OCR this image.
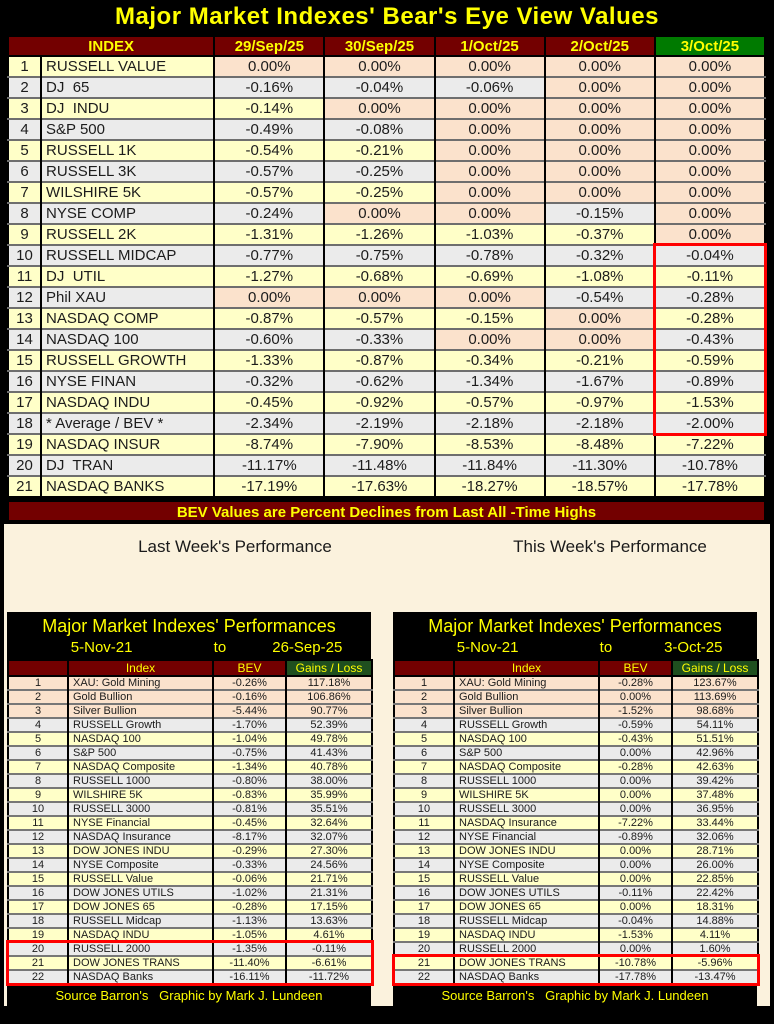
Major Market Indexes' Bear's Eye View Values
INDEX		29/Sep/25	30/Sep/25	1/Oct/25	2/Oct/25	3/Oct/25
1	RUSSELL VALUE	0.00%	0.00%	0.00%	0.00%	0.00%
2	DJ  65	-0.16%	-0.04%	-0.06%	0.00%	0.00%
3	DJ  INDU	-0.14%	0.00%	0.00%	0.00%	0.00%
4	S&P 500	-0.49%	-0.08%	0.00%	0.00%	0.00%
5	RUSSELL 1K	-0.54%	-0.21%	0.00%	0.00%	0.00%
6	RUSSELL 3K	-0.57%	-0.25%	0.00%	0.00%	0.00%
7	WILSHIRE 5K	-0.57%	-0.25%	0.00%	0.00%	0.00%
8	NYSE COMP	-0.24%	0.00%	0.00%	-0.15%	0.00%
9	RUSSELL 2K	-1.31%	-1.26%	-1.03%	-0.37%	0.00%
10	RUSSELL MIDCAP	-0.77%	-0.75%	-0.78%	-0.32%	-0.04%
11	DJ  UTIL	-1.27%	-0.68%	-0.69%	-1.08%	-0.11%
12	Phil XAU	0.00%	0.00%	0.00%	-0.54%	-0.28%
13	NASDAQ COMP	-0.87%	-0.57%	-0.15%	0.00%	-0.28%
14	NASDAQ 100	-0.60%	-0.33%	0.00%	0.00%	-0.43%
15	RUSSELL GROWTH	-1.33%	-0.87%	-0.34%	-0.21%	-0.59%
16	NYSE FINAN	-0.32%	-0.62%	-1.34%	-1.67%	-0.89%
17	NASDAQ INDU	-0.45%	-0.92%	-0.57%	-0.97%	-1.53%
18	* Average / BEV *	-2.34%	-2.19%	-2.18%	-2.18%	-2.00%
19	NASDAQ INSUR	-8.74%	-7.90%	-8.53%	-8.48%	-7.22%
20	DJ  TRAN	-11.17%	-11.48%	-11.84%	-11.30%	-10.78%
21	NASDAQ BANKS	-17.19%	-17.63%	-18.27%	-18.57%	-17.78%
BEV Values are Percent Declines from Last All -Time Highs
Last Week's Performance	This Week's Performance
Major Market Indexes' Performances
5-Nov-21	to	26-Sep-25
	Index	BEV	Gains / Loss
1	XAU: Gold Mining	-0.26%	117.18%
2	Gold Bullion	-0.16%	106.86%
3	Silver Bullion	-5.44%	90.77%
4	RUSSELL Growth	-1.70%	52.39%
5	NASDAQ 100	-1.04%	49.78%
6	S&P 500	-0.75%	41.43%
7	NASDAQ Composite	-1.34%	40.78%
8	RUSSELL 1000	-0.80%	38.00%
9	WILSHIRE 5K	-0.83%	35.99%
10	RUSSELL 3000	-0.81%	35.51%
11	NYSE Financial	-0.45%	32.64%
12	NASDAQ Insurance	-8.17%	32.07%
13	DOW JONES INDU	-0.29%	27.30%
14	NYSE Composite	-0.33%	24.56%
15	RUSSELL Value	-0.06%	21.71%
16	DOW JONES UTILS	-1.02%	21.31%
17	DOW JONES 65	-0.28%	17.15%
18	RUSSELL Midcap	-1.13%	13.63%
19	NASDAQ INDU	-1.05%	4.61%
20	RUSSELL 2000	-1.35%	-0.11%
21	DOW JONES TRANS	-11.40%	-6.61%
22	NASDAQ Banks	-16.11%	-11.72%
Source Barron's   Graphic by Mark J. Lundeen
Major Market Indexes' Performances
5-Nov-21	to	3-Oct-25
	Index	BEV	Gains / Loss
1	XAU: Gold Mining	-0.28%	123.67%
2	Gold Bullion	0.00%	113.69%
3	Silver Bullion	-1.52%	98.68%
4	RUSSELL Growth	-0.59%	54.11%
5	NASDAQ 100	-0.43%	51.51%
6	S&P 500	0.00%	42.96%
7	NASDAQ Composite	-0.28%	42.63%
8	RUSSELL 1000	0.00%	39.42%
9	WILSHIRE 5K	0.00%	37.48%
10	RUSSELL 3000	0.00%	36.95%
11	NASDAQ Insurance	-7.22%	33.44%
12	NYSE Financial	-0.89%	32.06%
13	DOW JONES INDU	0.00%	28.71%
14	NYSE Composite	0.00%	26.00%
15	RUSSELL Value	0.00%	22.85%
16	DOW JONES UTILS	-0.11%	22.42%
17	DOW JONES 65	0.00%	18.31%
18	RUSSELL Midcap	-0.04%	14.88%
19	NASDAQ INDU	-1.53%	4.11%
20	RUSSELL 2000	0.00%	1.60%
21	DOW JONES TRANS	-10.78%	-5.96%
22	NASDAQ Banks	-17.78%	-13.47%
Source Barron's   Graphic by Mark J. Lundeen
